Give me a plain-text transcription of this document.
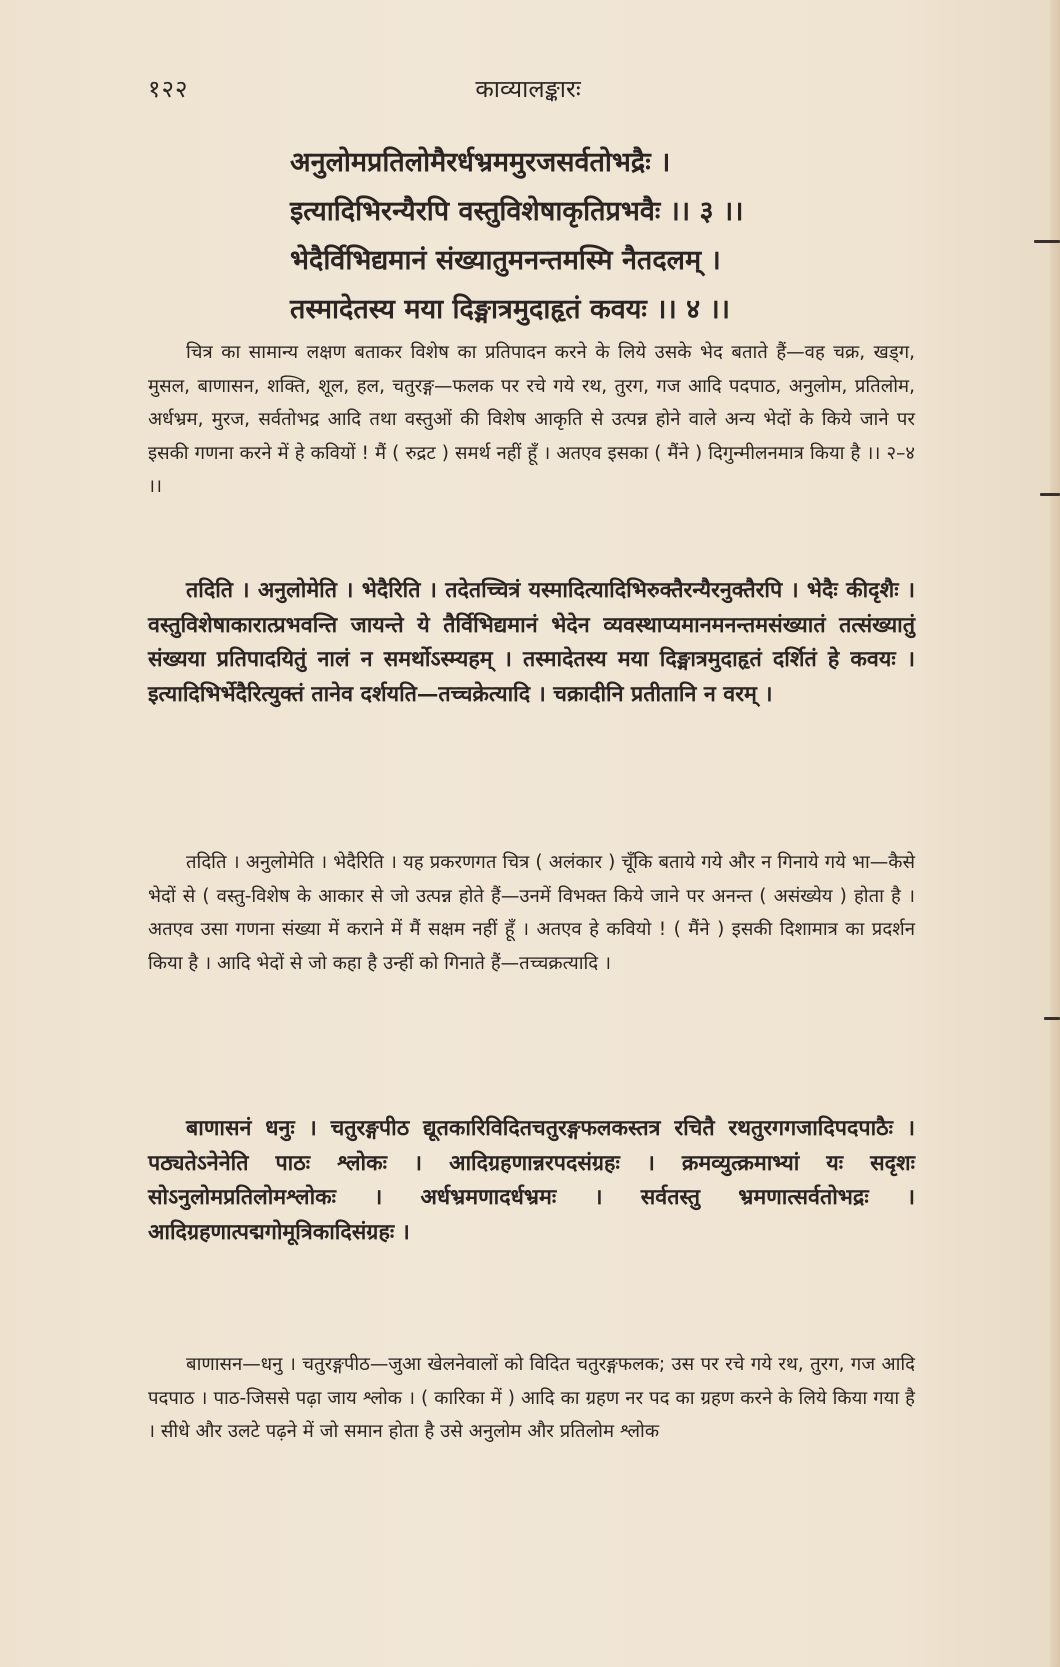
१२२	काव्यालङ्कारः
अनुलोमप्रतिलोमैरर्धभ्रममुरजसर्वतोभद्रैः ।
इत्यादिभिरन्यैरपि वस्तुविशेषाकृतिप्रभवैः ।। ३ ।।
भेदैर्विभिद्यमानं संख्यातुमनन्तमस्मि नैतदलम् ।
तस्मादेतस्य मया दिङ्मात्रमुदाहृतं कवयः ।। ४ ।।

चित्र का सामान्य लक्षण बताकर विशेष का प्रतिपादन करने के लिये उसके भेद बताते हैं—वह चक्र, खड्ग, मुसल, बाणासन, शक्ति, शूल, हल, चतुरङ्ग—फलक पर रचे गये रथ, तुरग, गज आदि पदपाठ, अनुलोम, प्रतिलोम, अर्धभ्रम, मुरज, सर्वतोभद्र आदि तथा वस्तुओं की विशेष आकृति से उत्पन्न होने वाले अन्य भेदों के किये जाने पर इसकी गणना करने में हे कवियों ! मैं ( रुद्रट ) समर्थ नहीं हूँ । अतएव इसका ( मैंने ) दिगुन्मीलनमात्र किया है ।। २–४ ।।

तदिति । अनुलोमेति । भेदैरिति । तदेतच्चित्रं यस्मादित्यादिभिरुक्तैरन्यैरनुक्तैरपि । भेदैः कीदृशैः । वस्तुविशेषाकारात्प्रभवन्ति जायन्ते ये तैर्विभिद्यमानं भेदेन व्यवस्थाप्यमानमनन्तमसंख्यातं तत्संख्यातुं संख्यया प्रतिपादयितुं नालं न समर्थोऽस्म्यहम् । तस्मादेतस्य मया दिङ्मात्रमुदाहृतं दर्शितं हे कवयः । इत्यादिभिर्भेदैरित्युक्तं तानेव दर्शयति—तच्चक्रेत्यादि । चक्रादीनि प्रतीतानि न वरम् ।

तदिति । अनुलोमेति । भेदैरिति । यह प्रकरणगत चित्र ( अलंकार ) चूँकि बताये गये और न गिनाये गये भा—कैसे भेदों से ( वस्तु-विशेष के आकार से जो उत्पन्न होते हैं—उनमें विभक्त किये जाने पर अनन्त ( असंख्येय ) होता है । अतएव उसा गणना संख्या में कराने में मैं सक्षम नहीं हूँ । अतएव हे कवियो ! ( मैंने ) इसकी दिशामात्र का प्रदर्शन किया है । आदि भेदों से जो कहा है उन्हीं को गिनाते हैं—तच्चक्रत्यादि ।

बाणासनं धनुः । चतुरङ्गपीठ द्यूतकारिविदितचतुरङ्गफलकस्तत्र रचितै रथतुरगगजादिपदपाठैः । पठ्यतेऽनेनेति पाठः श्लोकः । आदिग्रहणान्नरपदसंग्रहः । क्रमव्युत्क्रमाभ्यां यः सदृशः सोऽनुलोमप्रतिलोमश्लोकः । अर्धभ्रमणादर्धभ्रमः । सर्वतस्तु भ्रमणात्सर्वतोभद्रः । आदिग्रहणात्पद्मगोमूत्रिकादिसंग्रहः ।

बाणासन—धनु । चतुरङ्गपीठ—जुआ खेलनेवालों को विदित चतुरङ्गफलक; उस पर रचे गये रथ, तुरग, गज आदि पदपाठ । पाठ-जिससे पढ़ा जाय श्लोक । ( कारिका में ) आदि का ग्रहण नर पद का ग्रहण करने के लिये किया गया है । सीधे और उलटे पढ़ने में जो समान होता है उसे अनुलोम और प्रतिलोम श्लोक
